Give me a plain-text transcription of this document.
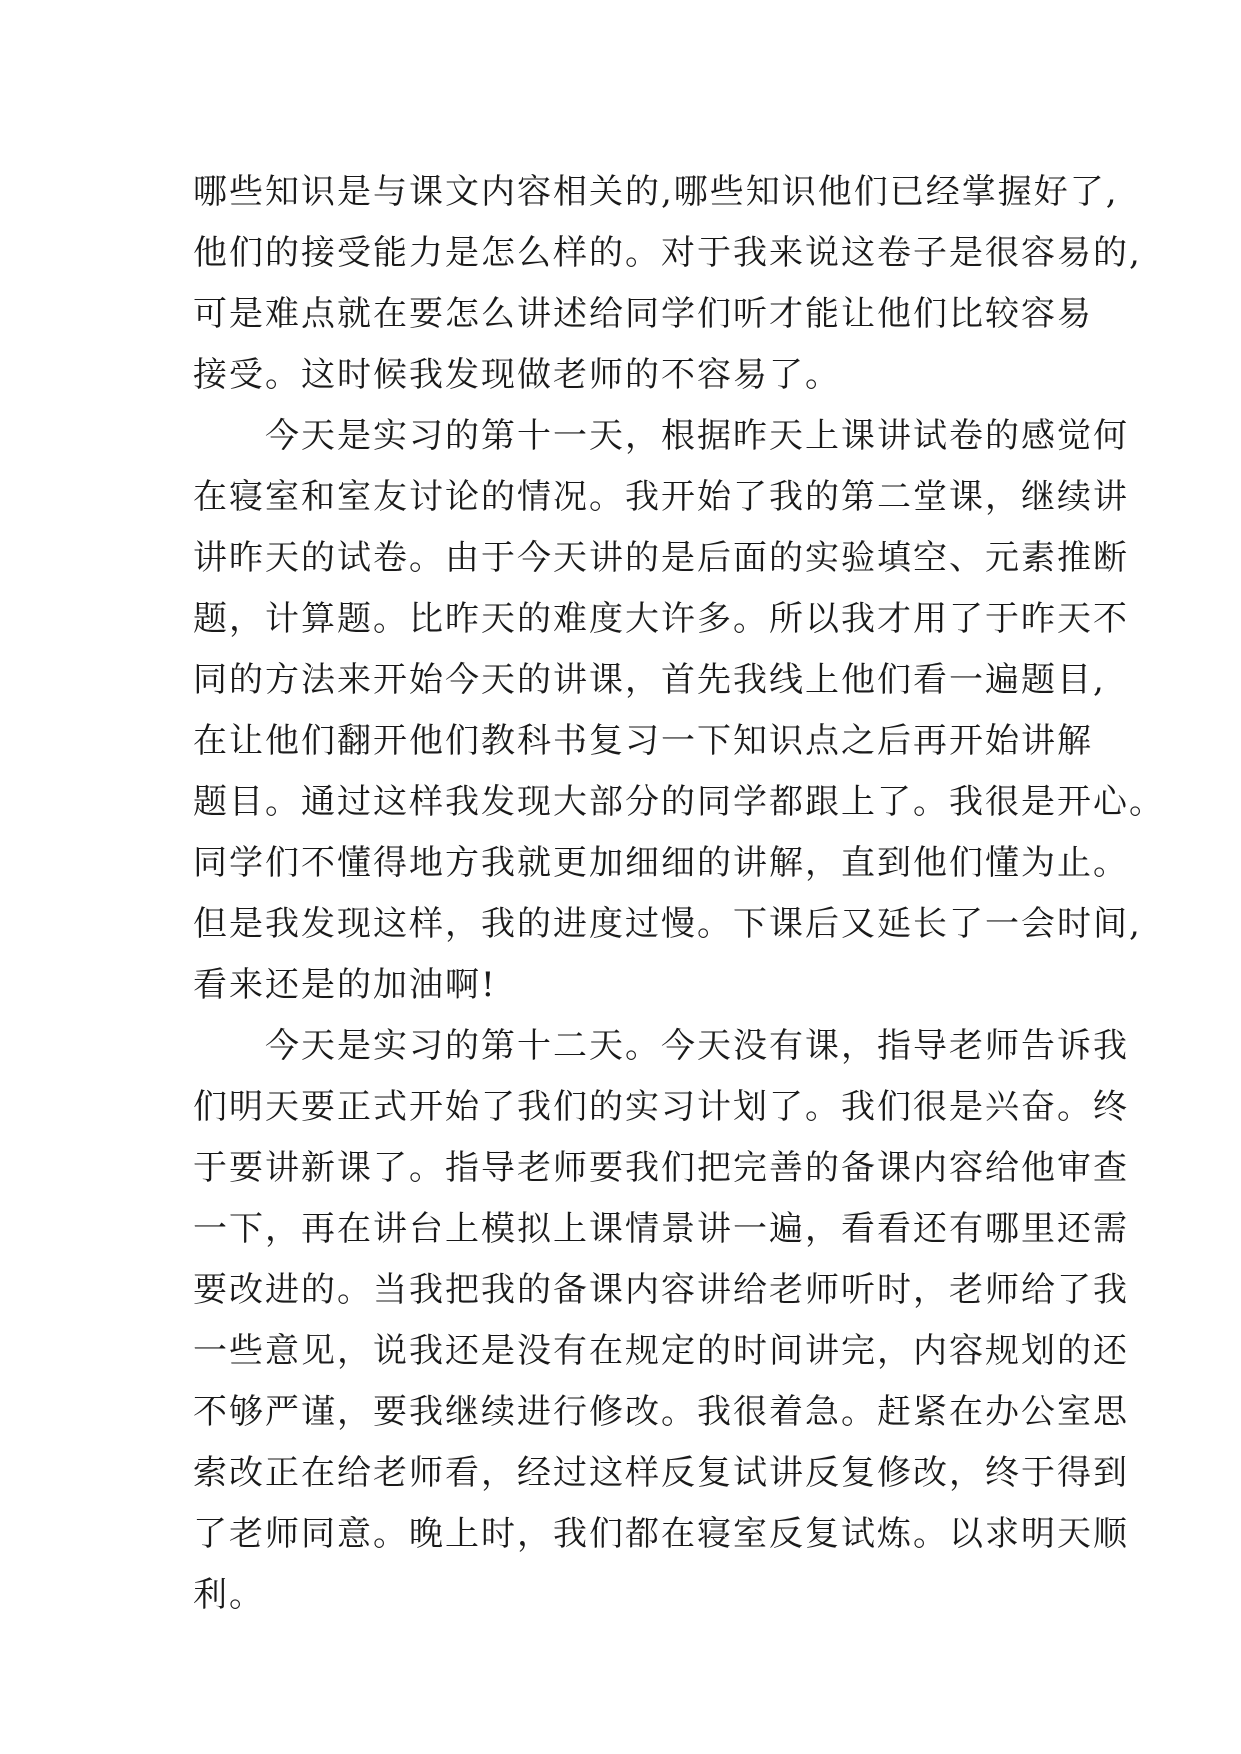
哪些知识是与课文内容相关的,哪些知识他们已经掌握好了,
他们的接受能力是怎么样的。对于我来说这卷子是很容易的,
可是难点就在要怎么讲述给同学们听才能让他们比较容易
接受。这时候我发现做老师的不容易了。
　　今天是实习的第十一天，根据昨天上课讲试卷的感觉何
在寝室和室友讨论的情况。我开始了我的第二堂课，继续讲
讲昨天的试卷。由于今天讲的是后面的实验填空、元素推断
题，计算题。比昨天的难度大许多。所以我才用了于昨天不
同的方法来开始今天的讲课，首先我线上他们看一遍题目,
在让他们翻开他们教科书复习一下知识点之后再开始讲解
题目。通过这样我发现大部分的同学都跟上了。我很是开心。
同学们不懂得地方我就更加细细的讲解，直到他们懂为止。
但是我发现这样，我的进度过慢。下课后又延长了一会时间,
看来还是的加油啊!
　　今天是实习的第十二天。今天没有课，指导老师告诉我
们明天要正式开始了我们的实习计划了。我们很是兴奋。终
于要讲新课了。指导老师要我们把完善的备课内容给他审查
一下，再在讲台上模拟上课情景讲一遍，看看还有哪里还需
要改进的。当我把我的备课内容讲给老师听时，老师给了我
一些意见，说我还是没有在规定的时间讲完，内容规划的还
不够严谨，要我继续进行修改。我很着急。赶紧在办公室思
索改正在给老师看，经过这样反复试讲反复修改，终于得到
了老师同意。晚上时，我们都在寝室反复试炼。以求明天顺
利。
